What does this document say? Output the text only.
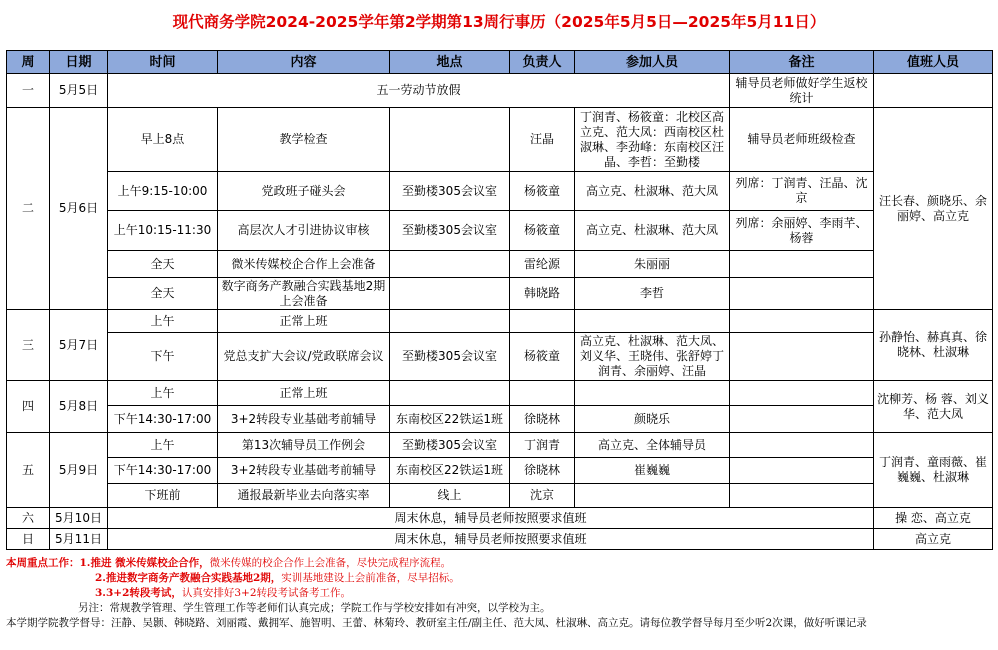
现代商务学院2024-2025学年第2学期第13周行事历（2025年5月5日—2025年5月11日）
周	日期	时间	内容	地点	负责人	参加人员	备注	值班人员
一	5月5日	五一劳动节放假					辅导员老师做好学生返校统计	
二	5月6日	早上8点	教学检查		汪晶	丁润青、杨筱童：北校区高立克、范大凤：西南校区杜淑琳、李劲峰：东南校区汪晶、李哲：至勤楼	辅导员老师班级检查	汪长春、颜晓乐、余丽婷、高立克
		上午9:15-10:00	党政班子碰头会	至勤楼305会议室	杨筱童	高立克、杜淑琳、范大凤	列席：丁润青、汪晶、沈京	
		上午10:15-11:30	高层次人才引进协议审核	至勤楼305会议室	杨筱童	高立克、杜淑琳、范大凤	列席：余丽婷、李雨芊、杨蓉	
		全天	微米传媒校企合作上会准备		雷纶源	朱丽丽		
		全天	数字商务产教融合实践基地2期上会准备		韩晓路	李哲		
三	5月7日	上午	正常上班					孙静怡、赫真真、徐晓林、杜淑琳
		下午	党总支扩大会议/党政联席会议	至勤楼305会议室	杨筱童	高立克、杜淑琳、范大凤、刘义华、王晓伟、张舒婷丁润青、余丽婷、汪晶		
四	5月8日	上午	正常上班					沈柳芳、杨 蓉、刘义华、范大凤
		下午14:30-17:00	3+2转段专业基础考前辅导	东南校区22铁运1班	徐晓林	颜晓乐		
五	5月9日	上午	第13次辅导员工作例会	至勤楼305会议室	丁润青	高立克、全体辅导员		丁润青、童雨薇、崔巍巍、杜淑琳
		下午14:30-17:00	3+2转段专业基础考前辅导	东南校区22铁运1班	徐晓林	崔巍巍		
		下班前	通报最新毕业去向落实率	线上	沈京			
六	5月10日	周末休息，辅导员老师按照要求值班						操 恋、高立克
日	5月11日	周末休息，辅导员老师按照要求值班						高立克
本周重点工作：1.推进 微米传媒校企合作，微米传媒的校企合作上会准备，尽快完成程序流程。
2.推进数字商务产教融合实践基地2期，实训基地建设上会前准备，尽早招标。
3.3+2转段考试，认真安排好3+2转段考试备考工作。
另注：常规教学管理、学生管理工作等老师们认真完成；学院工作与学校安排如有冲突，以学校为主。
本学期学院教学督导：汪静、吴颢、韩晓路、刘丽霞、戴拥军、施智明、王蕾、林菊玲、教研室主任/副主任、范大凤、杜淑琳、高立克。请每位教学督导每月至少听2次课，做好听课记录
